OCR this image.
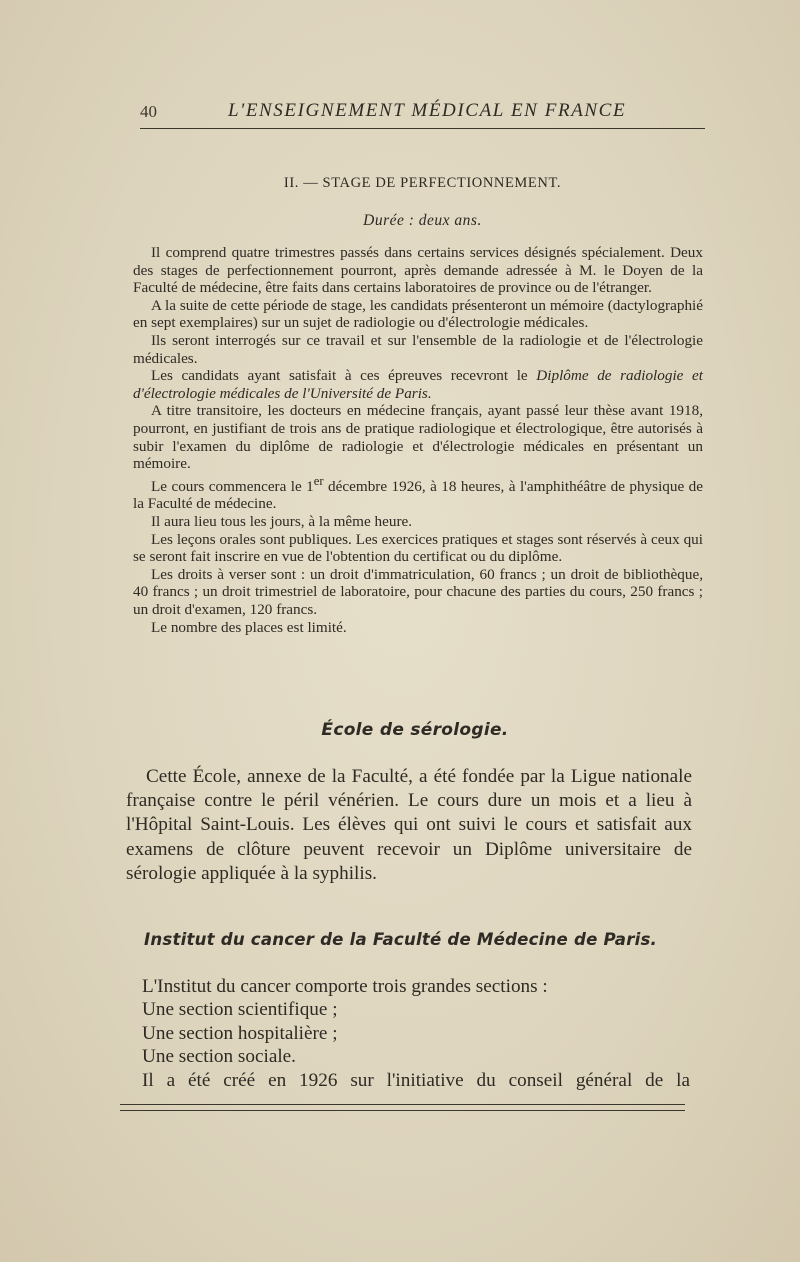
40	L'ENSEIGNEMENT MÉDICAL EN FRANCE
II. — STAGE DE PERFECTIONNEMENT.
Durée : deux ans.

Il comprend quatre trimestres passés dans certains services désignés spécialement. Deux des stages de perfectionnement pourront, après demande adressée à M. le Doyen de la Faculté de médecine, être faits dans certains laboratoires de province ou de l'étranger.

A la suite de cette période de stage, les candidats présenteront un mémoire (dactylographié en sept exemplaires) sur un sujet de radiologie ou d'électrologie médicales.

Ils seront interrogés sur ce travail et sur l'ensemble de la radiologie et de l'électrologie médicales.

Les candidats ayant satisfait à ces épreuves recevront le Diplôme de radiologie et d'électrologie médicales de l'Université de Paris.

A titre transitoire, les docteurs en médecine français, ayant passé leur thèse avant 1918, pourront, en justifiant de trois ans de pratique radiologique et électrologique, être autorisés à subir l'examen du diplôme de radiologie et d'électrologie médicales en présentant un mémoire.

Le cours commencera le 1er décembre 1926, à 18 heures, à l'amphithéâtre de physique de la Faculté de médecine.

Il aura lieu tous les jours, à la même heure.

Les leçons orales sont publiques. Les exercices pratiques et stages sont réservés à ceux qui se seront fait inscrire en vue de l'obtention du certificat ou du diplôme.

Les droits à verser sont : un droit d'immatriculation, 60 francs ; un droit de bibliothèque, 40 francs ; un droit trimestriel de laboratoire, pour chacune des parties du cours, 250 francs ; un droit d'examen, 120 francs.

Le nombre des places est limité.

École de sérologie.

Cette École, annexe de la Faculté, a été fondée par la Ligue nationale française contre le péril vénérien. Le cours dure un mois et a lieu à l'Hôpital Saint-Louis. Les élèves qui ont suivi le cours et satisfait aux examens de clôture peuvent recevoir un Diplôme universitaire de sérologie appliquée à la syphilis.

Institut du cancer de la Faculté de Médecine de Paris.

L'Institut du cancer comporte trois grandes sections :

Une section scientifique ;

Une section hospitalière ;

Une section sociale.

Il a été créé en 1926 sur l'initiative du conseil général de la
